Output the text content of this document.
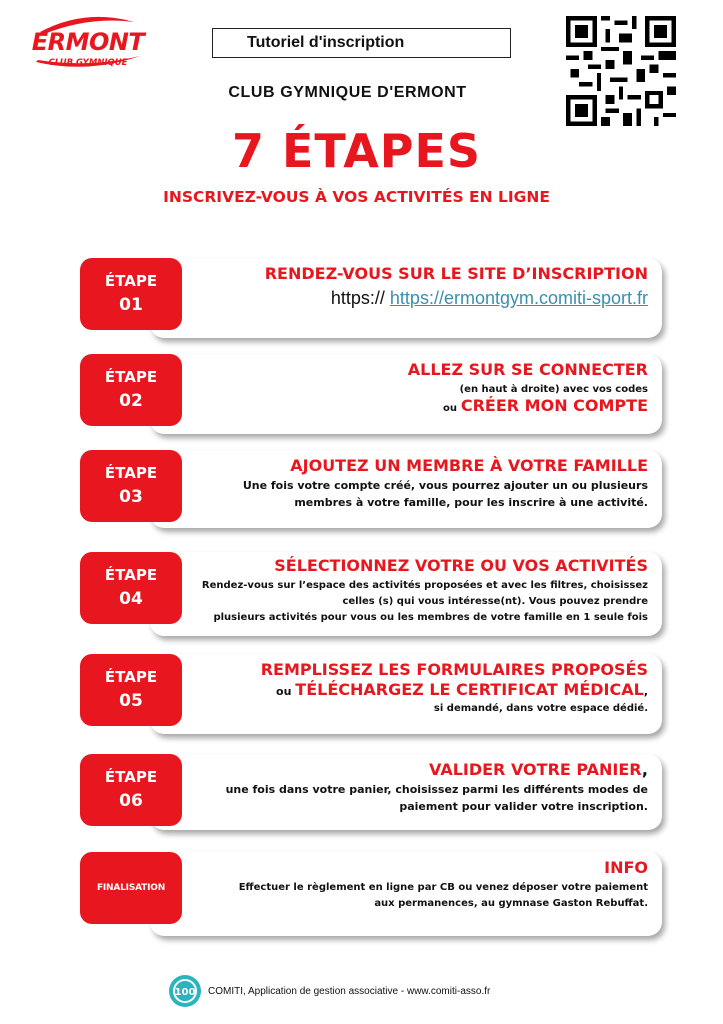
ERMONT
CLUB GYMNIQUE
Tutoriel d'inscription
CLUB GYMNIQUE D'ERMONT
7 ÉTAPES
INSCRIVEZ-VOUS À VOS ACTIVITÉS EN LIGNE
ÉTAPE
01
RENDEZ-VOUS SUR LE SITE D’INSCRIPTION
https:// https://ermontgym.comiti-sport.fr
ÉTAPE
02
ALLEZ SUR SE CONNECTER
(en haut à droite) avec vos codes
ou CRÉER MON COMPTE
ÉTAPE
03
AJOUTEZ UN MEMBRE À VOTRE FAMILLE
Une fois votre compte créé, vous pourrez ajouter un ou plusieurs
membres à votre famille, pour les inscrire à une activité.
ÉTAPE
04
SÉLECTIONNEZ VOTRE OU VOS ACTIVITÉS
Rendez-vous sur l’espace des activités proposées et avec les filtres, choisissez
celles (s) qui vous intéresse(nt). Vous pouvez prendre
plusieurs activités pour vous ou les membres de votre famille en 1 seule fois
ÉTAPE
05
REMPLISSEZ LES FORMULAIRES PROPOSÉS
ou TÉLÉCHARGEZ LE CERTIFICAT MÉDICAL,
si demandé, dans votre espace dédié.
ÉTAPE
06
VALIDER VOTRE PANIER,
une fois dans votre panier, choisissez parmi les différents modes de
paiement pour valider votre inscription.
FINALISATION
INFO
Effectuer le règlement en ligne par CB ou venez déposer votre paiement
aux permanences, au gymnase Gaston Rebuffat.
100 COMITI, Application de gestion associative - www.comiti-asso.fr
